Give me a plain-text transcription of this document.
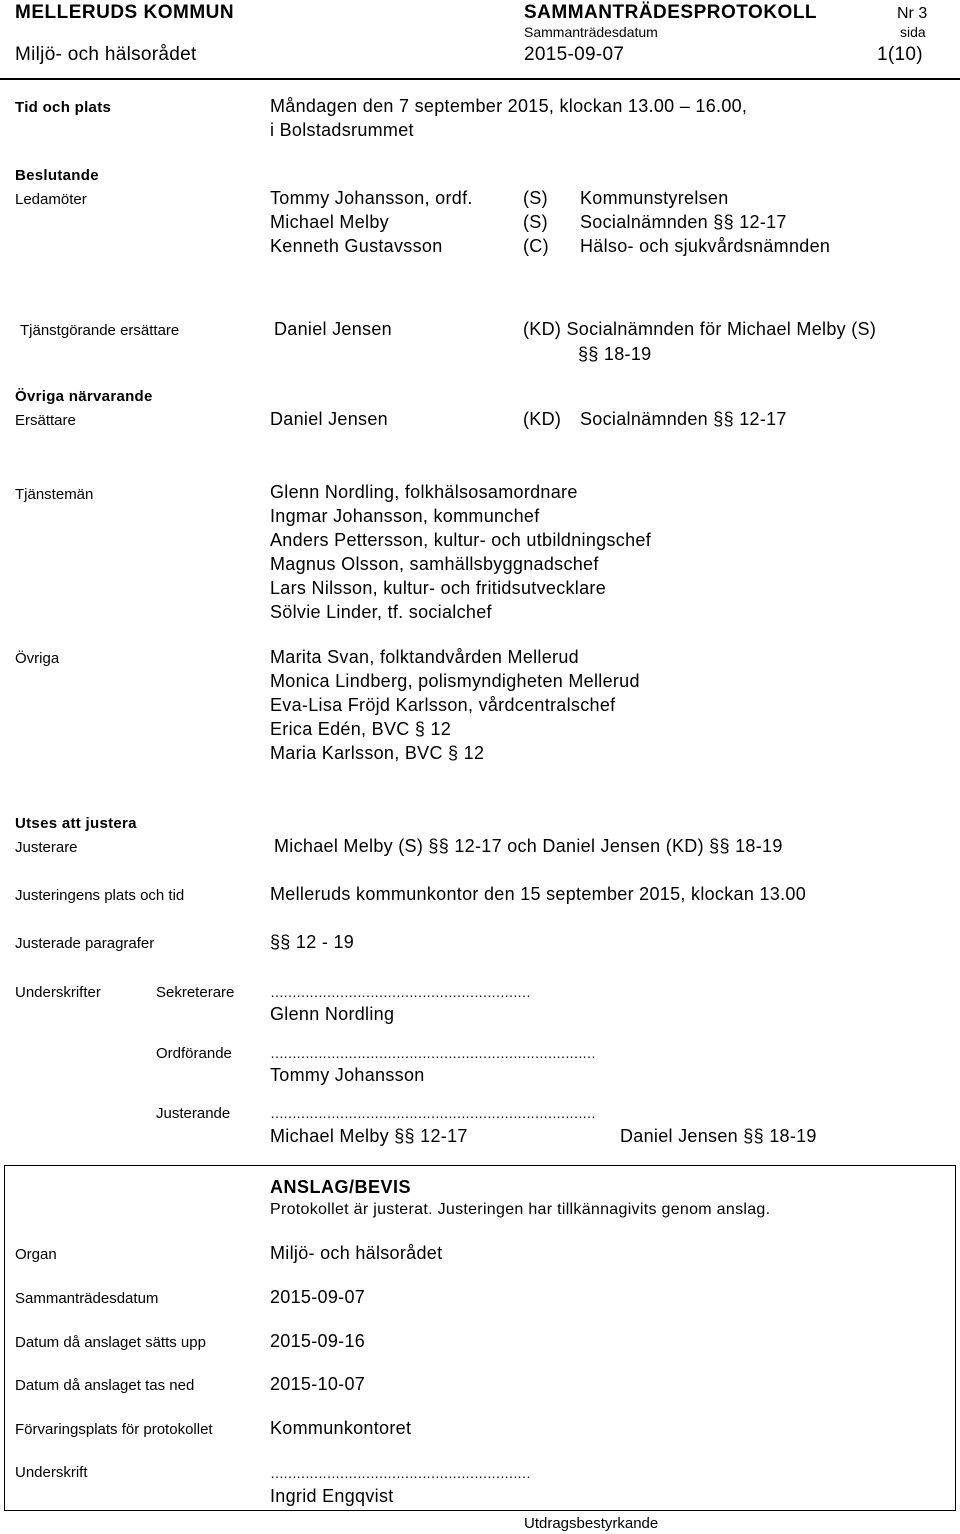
MELLERUDS KOMMUN	SAMMANTRÄDESPROTOKOLL	Nr 3
Sammanträdesdatum	sida
Miljö- och hälsorådet	2015-09-07	1(10)
Tid och plats	Måndagen den 7 september 2015, klockan 13.00 – 16.00,
i Bolstadsrummet
Beslutande
Ledamöter	Tommy Johansson, ordf.	(S) Kommunstyrelsen
Michael Melby	(S) Socialnämnden §§ 12-17
Kenneth Gustavsson	(C) Hälso- och sjukvårdsnämnden
Tjänstgörande ersättare	Daniel Jensen	(KD) Socialnämnden för Michael Melby (S)
§§ 18-19
Övriga närvarande
Ersättare	Daniel Jensen	(KD) Socialnämnden §§ 12-17
Tjänstemän	Glenn Nordling, folkhälsosamordnare
Ingmar Johansson, kommunchef
Anders Pettersson, kultur- och utbildningschef
Magnus Olsson, samhällsbyggnadschef
Lars Nilsson, kultur- och fritidsutvecklare
Sölvie Linder, tf. socialchef
Övriga	Marita Svan, folktandvården Mellerud
Monica Lindberg, polismyndigheten Mellerud
Eva-Lisa Fröjd Karlsson, vårdcentralschef
Erica Edén, BVC § 12
Maria Karlsson, BVC § 12
Utses att justera
Justerare	Michael Melby (S) §§ 12-17 och Daniel Jensen (KD) §§ 18-19
Justeringens plats och tid	Melleruds kommunkontor den 15 september 2015, klockan 13.00
Justerade paragrafer	§§ 12 - 19
Underskrifter	Sekreterare	……………………………………………………
Glenn Nordling
Ordförande	…………………………………………………………………
Tommy Johansson
Justerande	…………………………………………………………………
Michael Melby §§ 12-17	Daniel Jensen §§ 18-19
ANSLAG/BEVIS
Protokollet är justerat. Justeringen har tillkännagivits genom anslag.
Organ	Miljö- och hälsorådet
Sammanträdesdatum	2015-09-07
Datum då anslaget sätts upp	2015-09-16
Datum då anslaget tas ned	2015-10-07
Förvaringsplats för protokollet	Kommunkontoret
Underskrift	……………………………………………………
Ingrid Engqvist
Utdragsbestyrkande
